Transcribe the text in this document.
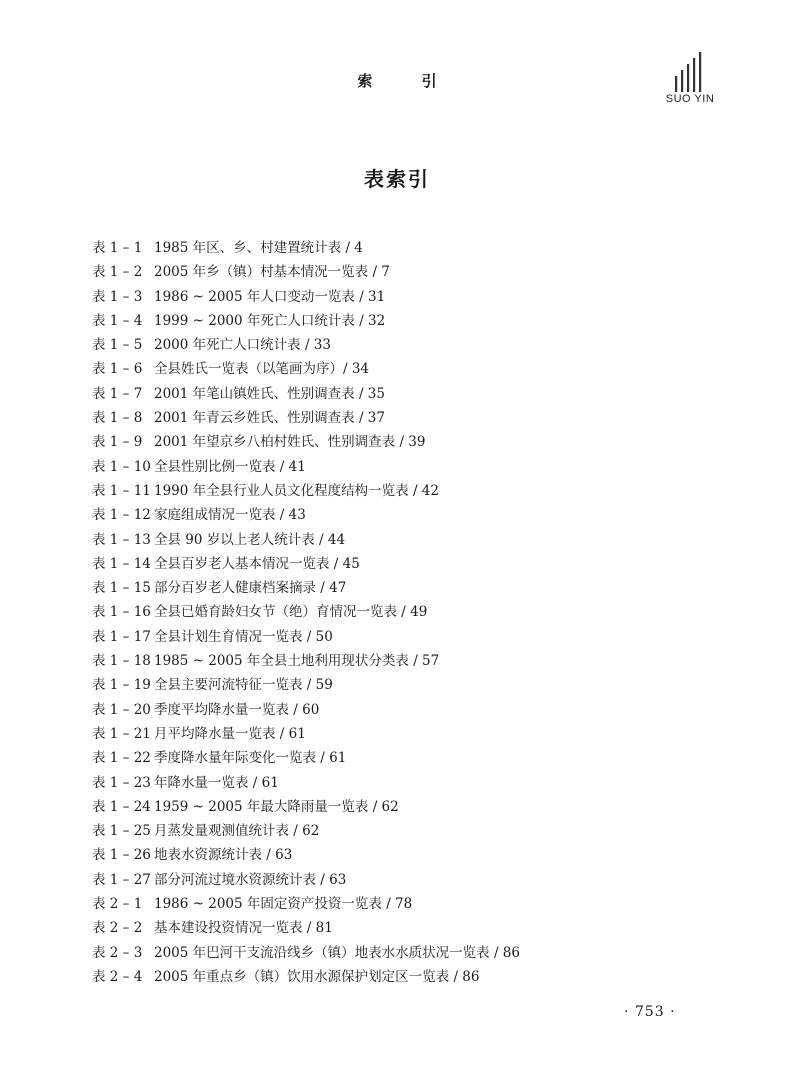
索 引
SUO YIN
表索引
表 1 – 1 1985 年区、乡、村建置统计表 / 4
表 1 – 2 2005 年乡（镇）村基本情况一览表 / 7
表 1 – 3 1986 ~ 2005 年人口变动一览表 / 31
表 1 – 4 1999 ~ 2000 年死亡人口统计表 / 32
表 1 – 5 2000 年死亡人口统计表 / 33
表 1 – 6 全县姓氏一览表（以笔画为序）/ 34
表 1 – 7 2001 年笔山镇姓氏、性别调查表 / 35
表 1 – 8 2001 年青云乡姓氏、性别调查表 / 37
表 1 – 9 2001 年望京乡八柏村姓氏、性别调查表 / 39
表 1 – 10 全县性别比例一览表 / 41
表 1 – 11 1990 年全县行业人员文化程度结构一览表 / 42
表 1 – 12 家庭组成情况一览表 / 43
表 1 – 13 全县 90 岁以上老人统计表 / 44
表 1 – 14 全县百岁老人基本情况一览表 / 45
表 1 – 15 部分百岁老人健康档案摘录 / 47
表 1 – 16 全县已婚育龄妇女节（绝）育情况一览表 / 49
表 1 – 17 全县计划生育情况一览表 / 50
表 1 – 18 1985 ~ 2005 年全县土地利用现状分类表 / 57
表 1 – 19 全县主要河流特征一览表 / 59
表 1 – 20 季度平均降水量一览表 / 60
表 1 – 21 月平均降水量一览表 / 61
表 1 – 22 季度降水量年际变化一览表 / 61
表 1 – 23 年降水量一览表 / 61
表 1 – 24 1959 ~ 2005 年最大降雨量一览表 / 62
表 1 – 25 月蒸发量观测值统计表 / 62
表 1 – 26 地表水资源统计表 / 63
表 1 – 27 部分河流过境水资源统计表 / 63
表 2 – 1 1986 ~ 2005 年固定资产投资一览表 / 78
表 2 – 2 基本建设投资情况一览表 / 81
表 2 – 3 2005 年巴河干支流沿线乡（镇）地表水水质状况一览表 / 86
表 2 – 4 2005 年重点乡（镇）饮用水源保护划定区一览表 / 86
· 753 ·
